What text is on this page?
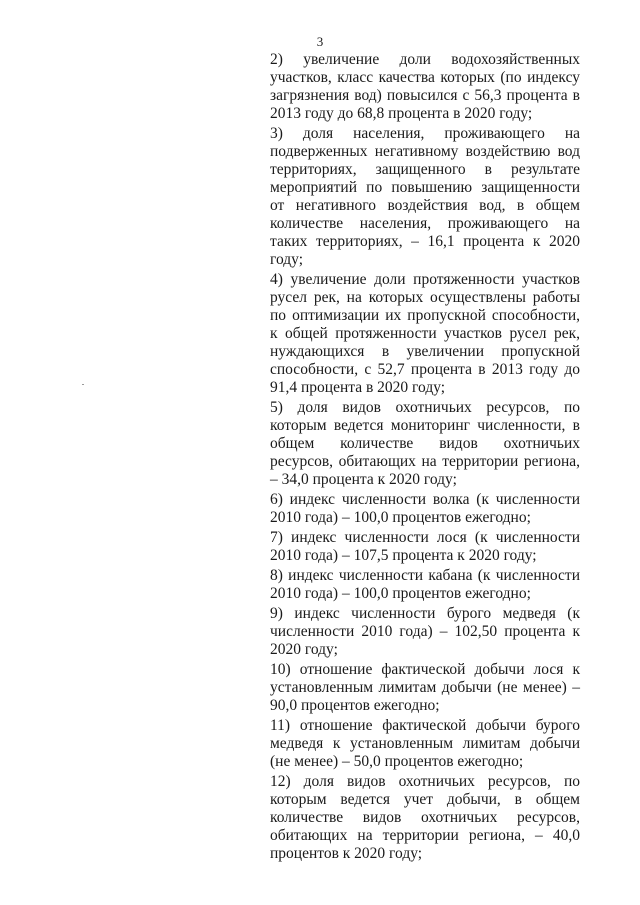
3

2) увеличение доли водохозяйственных участков, класс качества которых (по индексу загрязнения вод) повысился с 56,3 процента в 2013 году до 68,8 процента в 2020 году;

3) доля населения, проживающего на подверженных негативному воздействию вод территориях, защищенного в результате мероприятий по повышению защищенности от негативного воздействия вод, в общем количестве населения, проживающего на таких территориях, – 16,1 процента к 2020 году;

4) увеличение доли протяженности участков русел рек, на которых осуществлены работы по оптимизации их пропускной способности, к общей протяженности участков русел рек, нуждающихся в увеличении пропускной способности, с 52,7 процента в 2013 году до 91,4 процента в 2020 году;

5) доля видов охотничьих ресурсов, по которым ведется мониторинг численности, в общем количестве видов охотничьих ресурсов, обитающих на территории региона, – 34,0 процента к 2020 году;

6) индекс численности волка (к численности 2010 года) – 100,0 процентов ежегодно;

7) индекс численности лося (к численности 2010 года) – 107,5 процента к 2020 году;

8) индекс численности кабана (к численности 2010 года) – 100,0 процентов ежегодно;

9) индекс численности бурого медведя (к численности 2010 года) – 102,50 процента к 2020 году;

10) отношение фактической добычи лося к установленным лимитам добычи (не менее) – 90,0 процентов ежегодно;

11) отношение фактической добычи бурого медведя к установленным лимитам добычи (не менее) – 50,0 процентов ежегодно;

12) доля видов охотничьих ресурсов, по которым ведется учет добычи, в общем количестве видов охотничьих ресурсов, обитающих на территории региона, – 40,0 процентов к 2020 году;
